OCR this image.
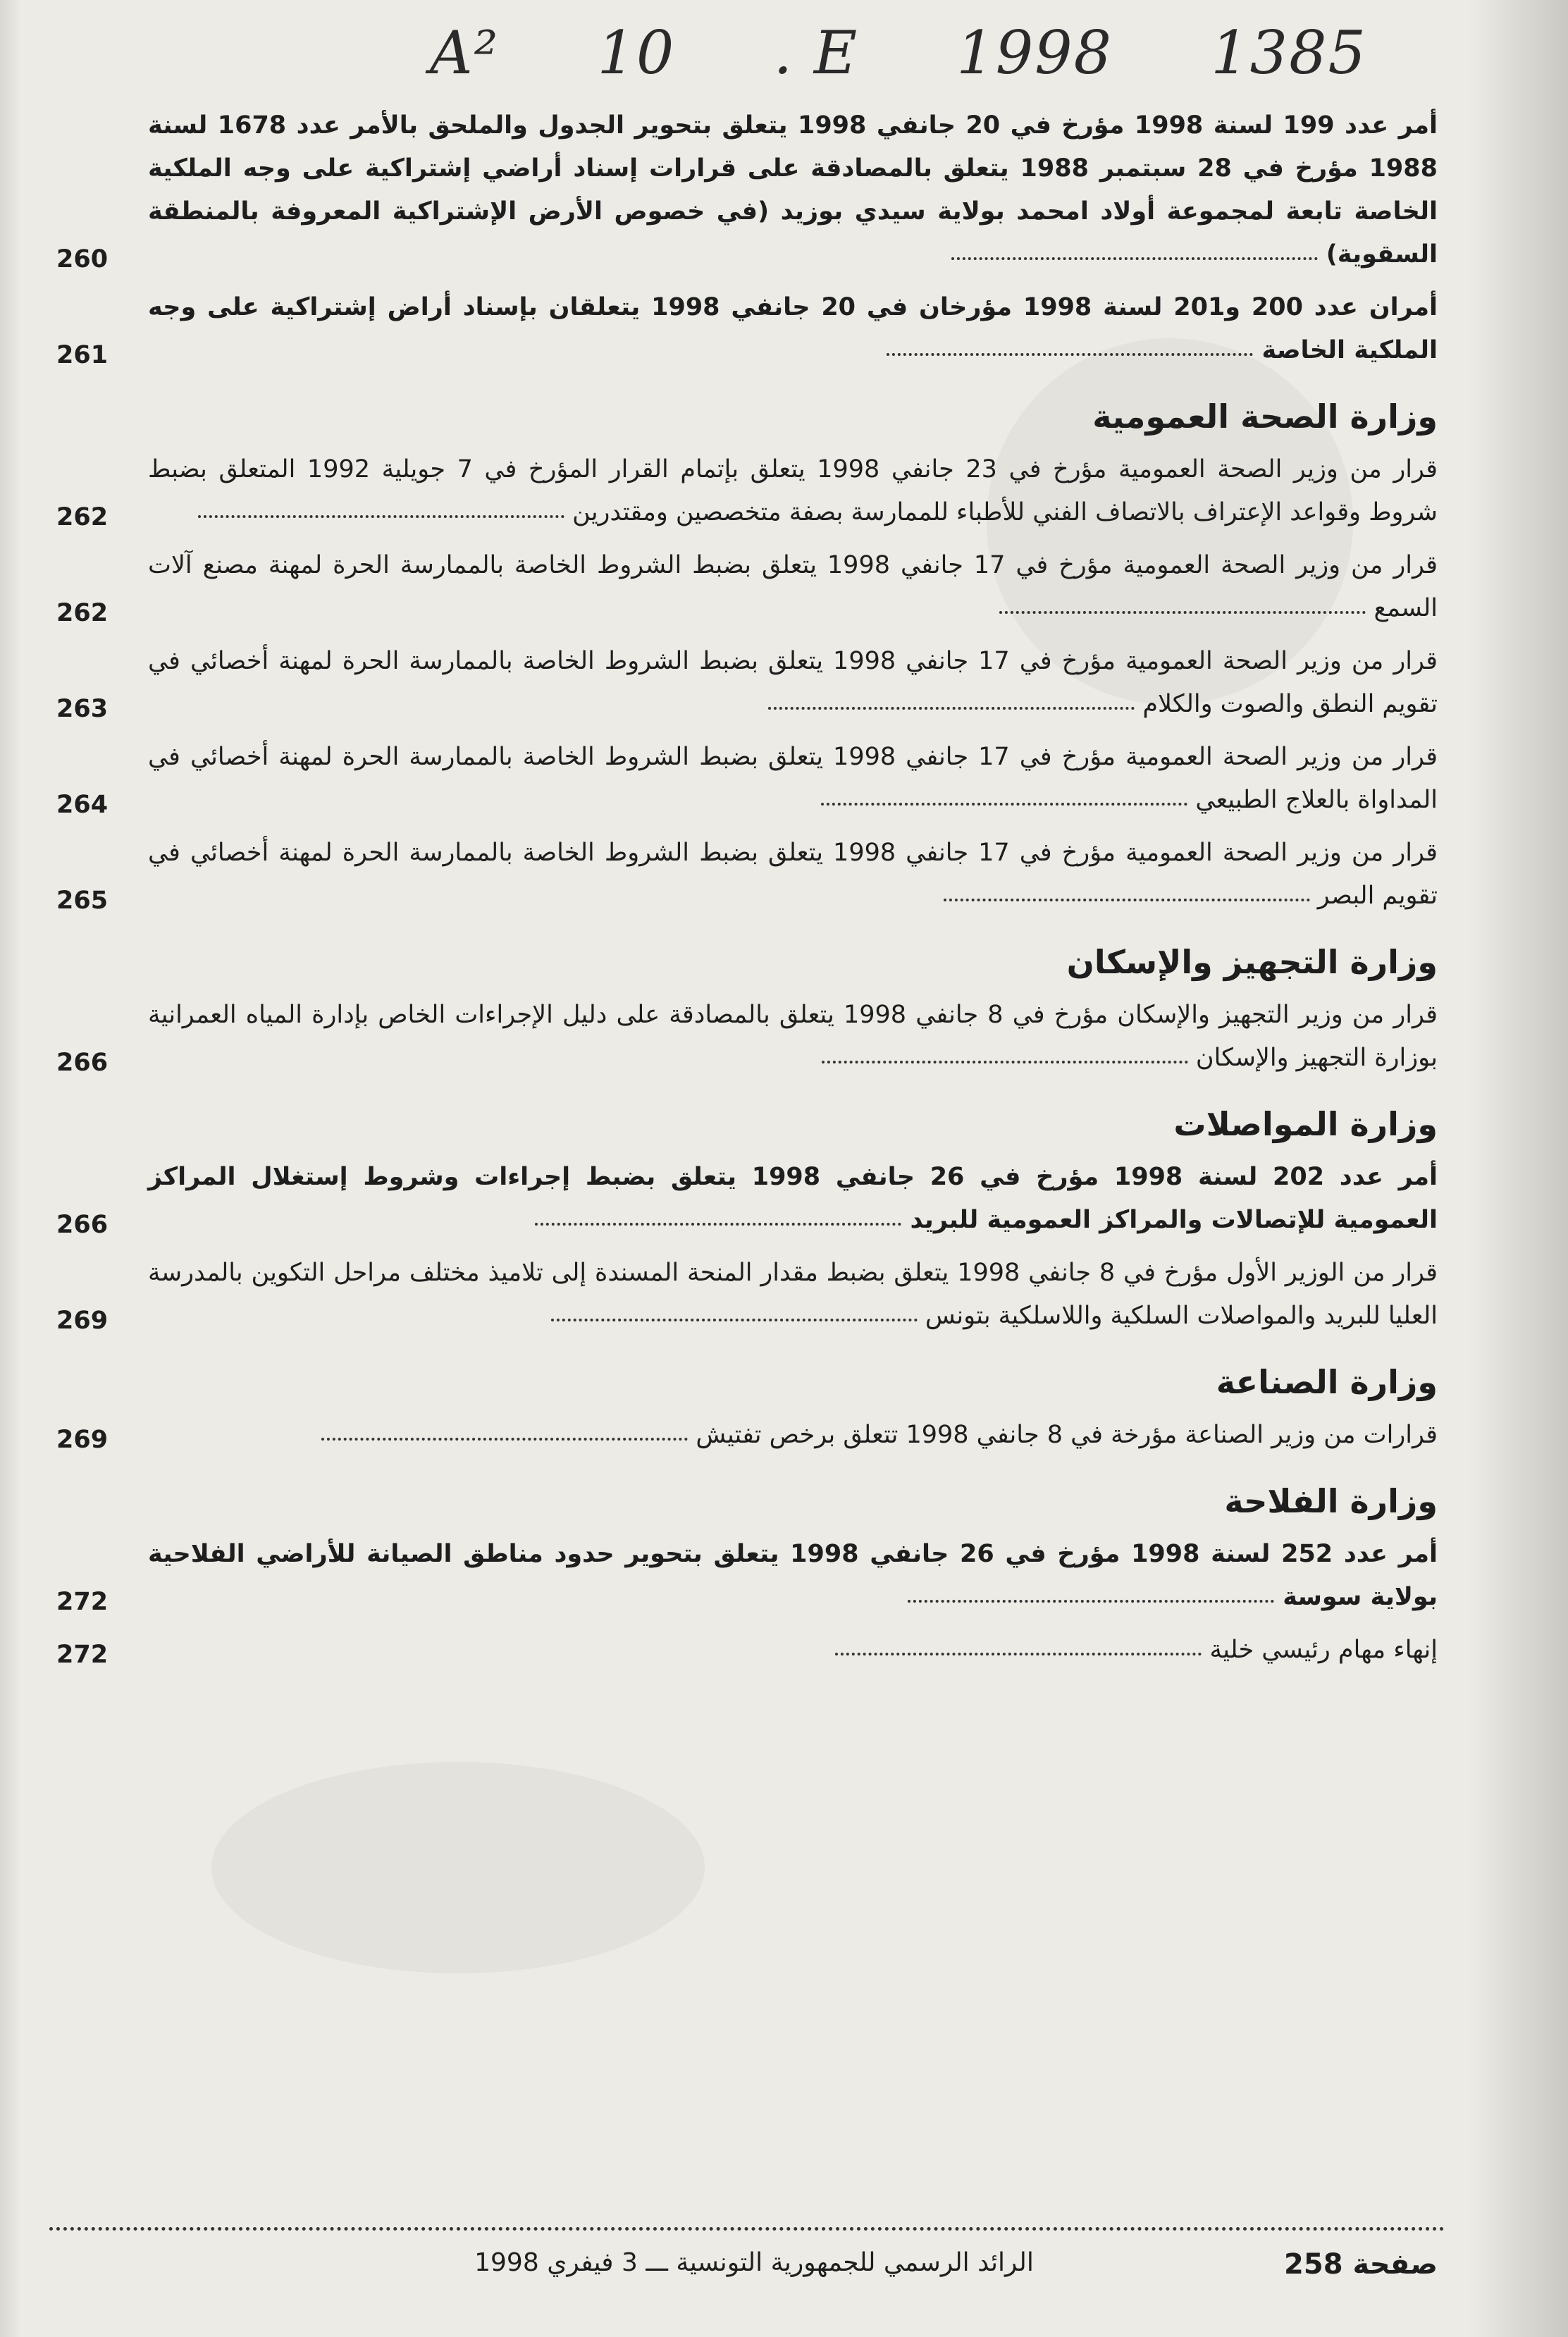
A² 10 . E 1998 1385
أمر عدد 199 لسنة 1998 مؤرخ في 20 جانفي 1998 يتعلق بتحوير الجدول والملحق بالأمر عدد 1678 لسنة 1988 مؤرخ في 28 سبتمبر 1988 يتعلق بالمصادقة على قرارات إسناد أراضي إشتراكية على وجه الملكية الخاصة تابعة لمجموعة أولاد امحمد بولاية سيدي بوزيد (في خصوص الأرض الإشتراكية المعروفة بالمنطقة السقوية)
260
أمران عدد 200 و201 لسنة 1998 مؤرخان في 20 جانفي 1998 يتعلقان بإسناد أراض إشتراكية على وجه الملكية الخاصة
261
وزارة الصحة العمومية
قرار من وزير الصحة العمومية مؤرخ في 23 جانفي 1998 يتعلق بإتمام القرار المؤرخ في 7 جويلية 1992 المتعلق بضبط شروط وقواعد الإعتراف بالاتصاف الفني للأطباء للممارسة بصفة متخصصين ومقتدرين
262
قرار من وزير الصحة العمومية مؤرخ في 17 جانفي 1998 يتعلق بضبط الشروط الخاصة بالممارسة الحرة لمهنة مصنع آلات السمع
262
قرار من وزير الصحة العمومية مؤرخ في 17 جانفي 1998 يتعلق بضبط الشروط الخاصة بالممارسة الحرة لمهنة أخصائي في تقويم النطق والصوت والكلام
263
قرار من وزير الصحة العمومية مؤرخ في 17 جانفي 1998 يتعلق بضبط الشروط الخاصة بالممارسة الحرة لمهنة أخصائي في المداواة بالعلاج الطبيعي
264
قرار من وزير الصحة العمومية مؤرخ في 17 جانفي 1998 يتعلق بضبط الشروط الخاصة بالممارسة الحرة لمهنة أخصائي في تقويم البصر
265
وزارة التجهيز والإسكان
قرار من وزير التجهيز والإسكان مؤرخ في 8 جانفي 1998 يتعلق بالمصادقة على دليل الإجراءات الخاص بإدارة المياه العمرانية بوزارة التجهيز والإسكان
266
وزارة المواصلات
أمر عدد 202 لسنة 1998 مؤرخ في 26 جانفي 1998 يتعلق بضبط إجراءات وشروط إستغلال المراكز العمومية للإتصالات والمراكز العمومية للبريد
266
قرار من الوزير الأول مؤرخ في 8 جانفي 1998 يتعلق بضبط مقدار المنحة المسندة إلى تلاميذ مختلف مراحل التكوين بالمدرسة العليا للبريد والمواصلات السلكية واللاسلكية بتونس
269
وزارة الصناعة
قرارات من وزير الصناعة مؤرخة في 8 جانفي 1998 تتعلق برخص تفتيش
269
وزارة الفلاحة
أمر عدد 252 لسنة 1998 مؤرخ في 26 جانفي 1998 يتعلق بتحوير حدود مناطق الصيانة للأراضي الفلاحية بولاية سوسة
272
إنهاء مهام رئيسي خلية
272
الرائد الرسمي للجمهورية التونسية ـــ 3 فيفري 1998	صفحة 258
